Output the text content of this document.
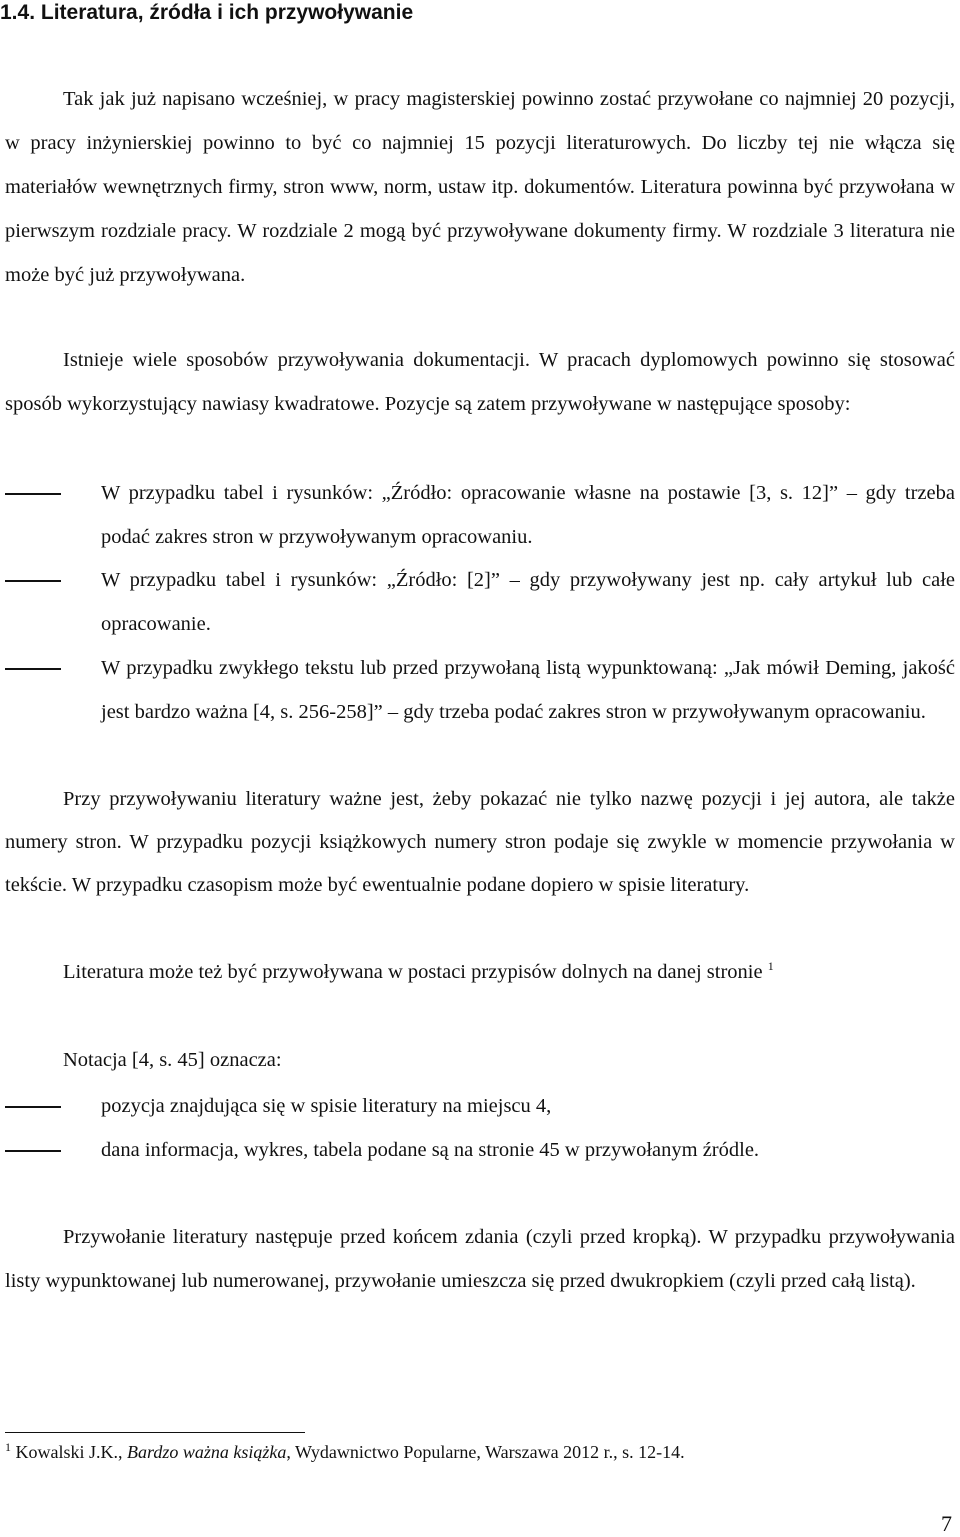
1.4. Literatura, źródła i ich przywoływanie

Tak jak już napisano wcześniej, w pracy magisterskiej powinno zostać przywołane co najmniej 20 pozycji, w pracy inżynierskiej powinno to być co najmniej 15 pozycji literaturowych. Do liczby tej nie włącza się materiałów wewnętrznych firmy, stron www, norm, ustaw itp. dokumentów. Literatura powinna być przywołana w pierwszym rozdziale pracy. W rozdziale 2 mogą być przywoływane dokumenty firmy. W rozdziale 3 literatura nie może być już przywoływana.

Istnieje wiele sposobów przywoływania dokumentacji. W pracach dyplomowych powinno się stosować sposób wykorzystujący nawiasy kwadratowe. Pozycje są zatem przywoływane w następujące sposoby:

W przypadku tabel i rysunków: „Źródło: opracowanie własne na postawie [3, s. 12]” – gdy trzeba podać zakres stron w przywoływanym opracowaniu.
W przypadku tabel i rysunków: „Źródło: [2]” – gdy przywoływany jest np. cały artykuł lub całe opracowanie.
W przypadku zwykłego tekstu lub przed przywołaną listą wypunktowaną: „Jak mówił Deming, jakość jest bardzo ważna [4, s. 256-258]” – gdy trzeba podać zakres stron w przywoływanym opracowaniu.

Przy przywoływaniu literatury ważne jest, żeby pokazać nie tylko nazwę pozycji i jej autora, ale także numery stron. W przypadku pozycji książkowych numery stron podaje się zwykle w momencie przywołania w tekście. W przypadku czasopism może być ewentualnie podane dopiero w spisie literatury.

Literatura może też być przywoływana w postaci przypisów dolnych na danej stronie $^1$

Notacja [4, s. 45] oznacza:

pozycja znajdująca się w spisie literatury na miejscu 4,
dana informacja, wykres, tabela podane są na stronie 45 w przywołanym źródle.

Przywołanie literatury następuje przed końcem zdania (czyli przed kropką). W przypadku przywoływania listy wypunktowanej lub numerowanej, przywołanie umieszcza się przed dwukropkiem (czyli przed całą listą).

$^1$ Kowalski J.K., Bardzo ważna książka, Wydawnictwo Popularne, Warszawa 2012 r., s. 12-14.
7
